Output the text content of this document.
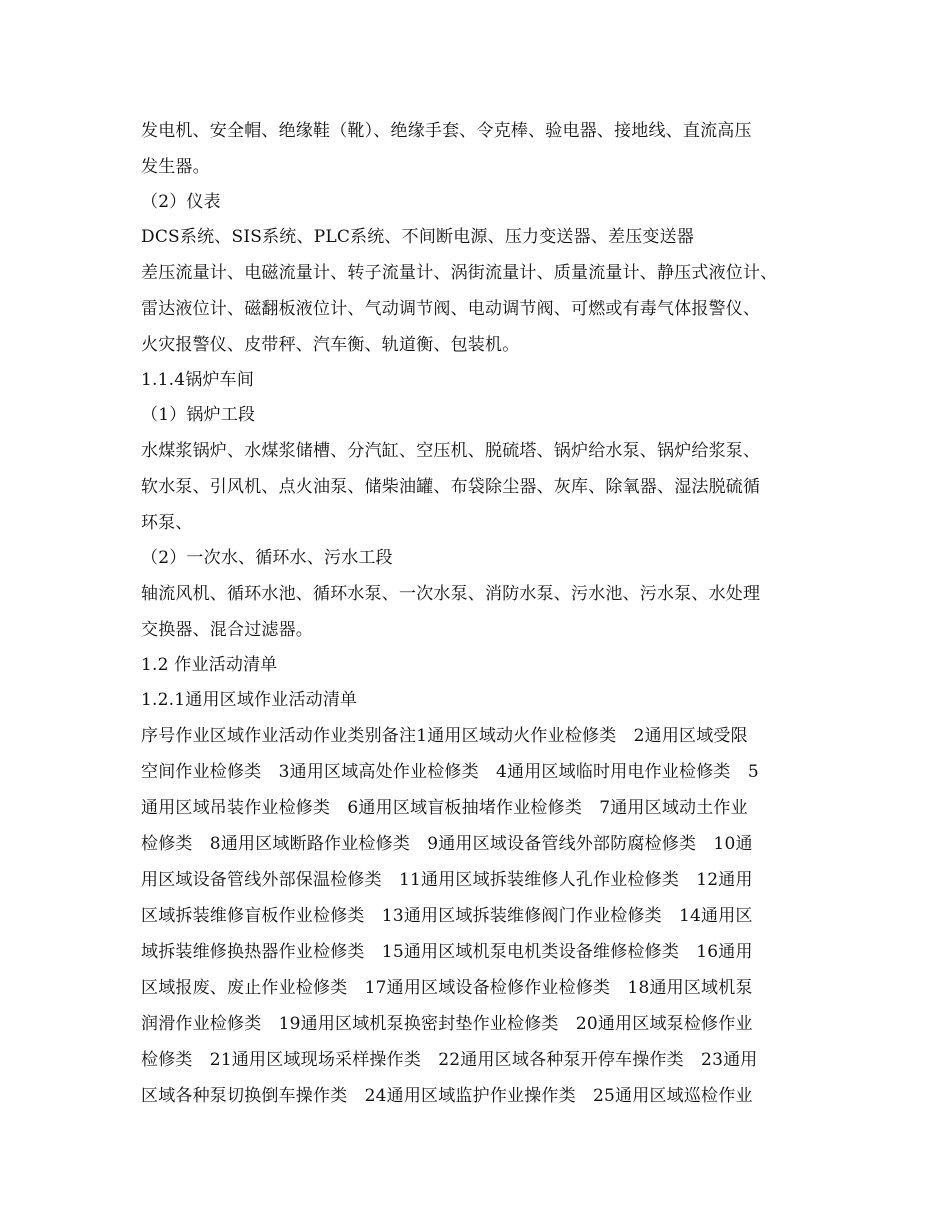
发电机、安全帽、绝缘鞋（靴）、绝缘手套、令克棒、验电器、接地线、直流高压
发生器。
（2）仪表
DCS系统、SIS系统、PLC系统、不间断电源、压力变送器、差压变送器
差压流量计、电磁流量计、转子流量计、涡街流量计、质量流量计、静压式液位计、
雷达液位计、磁翻板液位计、气动调节阀、电动调节阀、可燃或有毒气体报警仪、
火灾报警仪、皮带秤、汽车衡、轨道衡、包装机。
1.1.4锅炉车间
（1）锅炉工段
水煤浆锅炉、水煤浆储槽、分汽缸、空压机、脱硫塔、锅炉给水泵、锅炉给浆泵、
软水泵、引风机、点火油泵、储柴油罐、布袋除尘器、灰库、除氧器、湿法脱硫循
环泵、
（2）一次水、循环水、污水工段
轴流风机、循环水池、循环水泵、一次水泵、消防水泵、污水池、污水泵、水处理
交换器、混合过滤器。
1.2 作业活动清单
1.2.1通用区域作业活动清单
序号作业区域作业活动作业类别备注1通用区域动火作业检修类　2通用区域受限
空间作业检修类　3通用区域高处作业检修类　4通用区域临时用电作业检修类　5
通用区域吊装作业检修类　6通用区域盲板抽堵作业检修类　7通用区域动土作业
检修类　8通用区域断路作业检修类　9通用区域设备管线外部防腐检修类　10通
用区域设备管线外部保温检修类　11通用区域拆装维修人孔作业检修类　12通用
区域拆装维修盲板作业检修类　13通用区域拆装维修阀门作业检修类　14通用区
域拆装维修换热器作业检修类　15通用区域机泵电机类设备维修检修类　16通用
区域报废、废止作业检修类　17通用区域设备检修作业检修类　18通用区域机泵
润滑作业检修类　19通用区域机泵换密封垫作业检修类　20通用区域泵检修作业
检修类　21通用区域现场采样操作类　22通用区域各种泵开停车操作类　23通用
区域各种泵切换倒车操作类　24通用区域监护作业操作类　25通用区域巡检作业
